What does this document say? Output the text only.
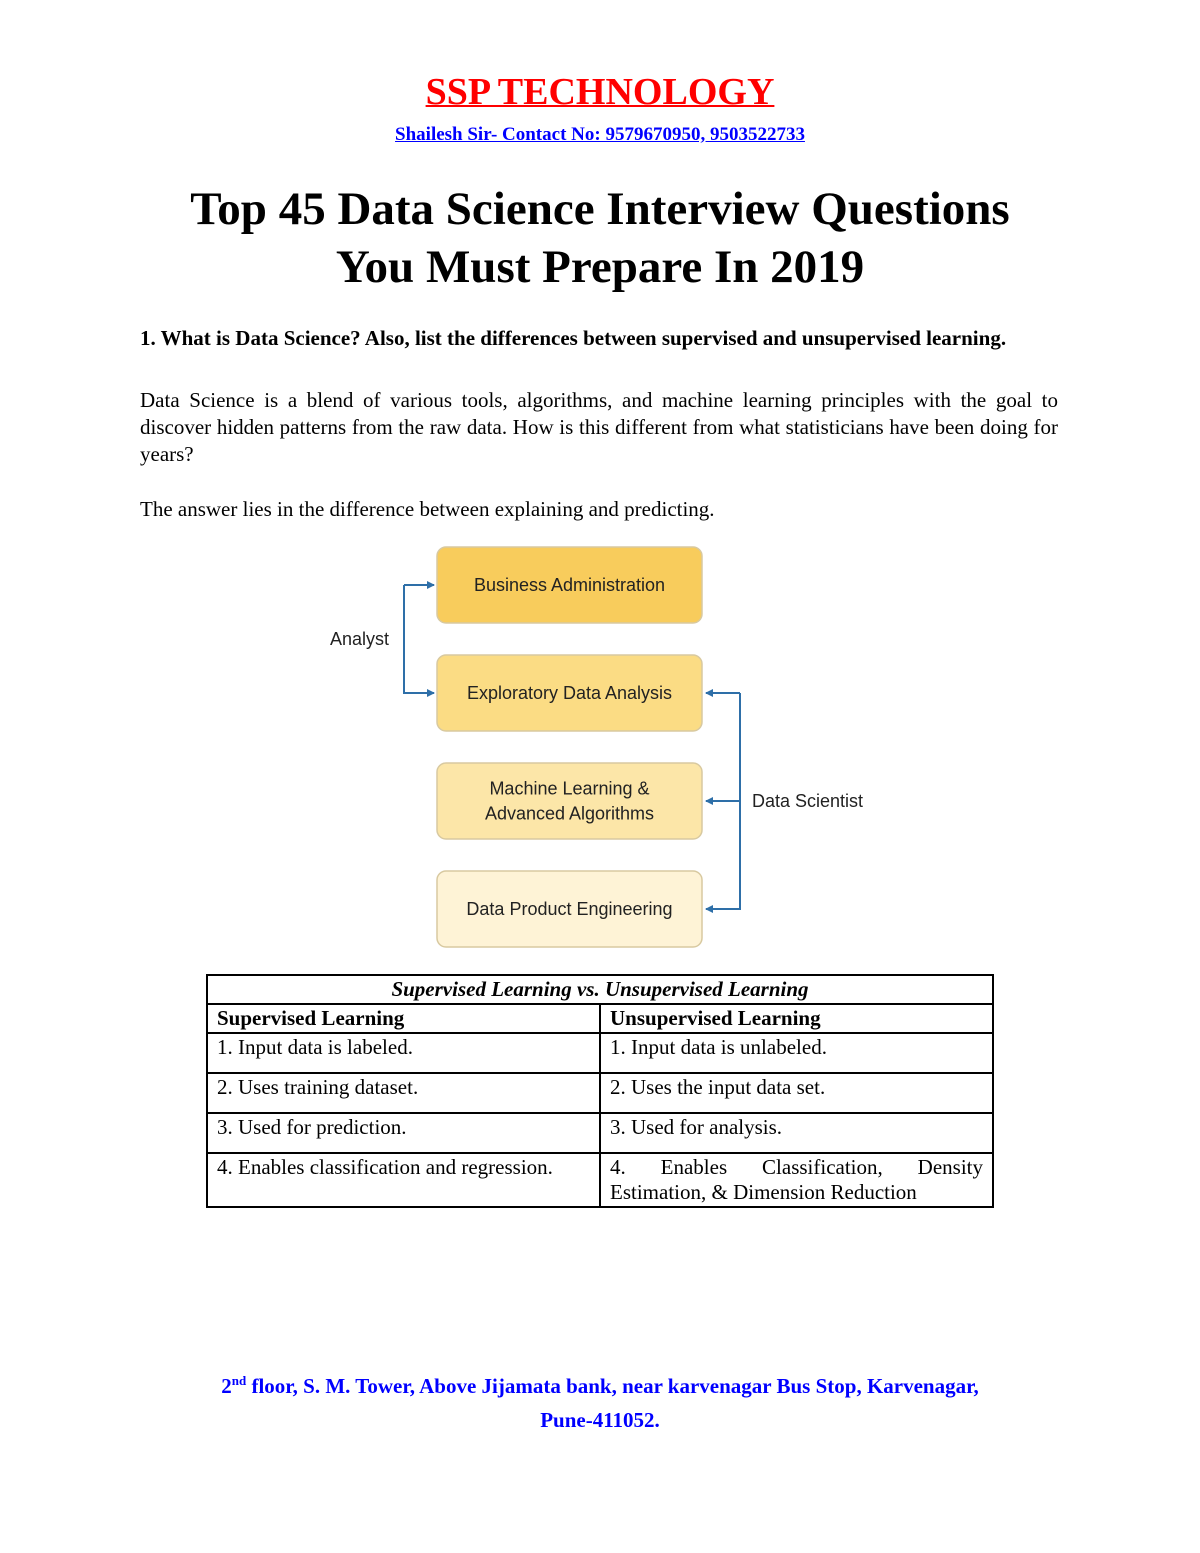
SSP TECHNOLOGY
Shailesh Sir- Contact No: 9579670950, 9503522733
Top 45 Data Science Interview Questions
You Must Prepare In 2019
1. What is Data Science? Also, list the differences between supervised and unsupervised learning.
Data Science is a blend of various tools, algorithms, and machine learning principles with the goal to discover hidden patterns from the raw data. How is this different from what statisticians have been doing for years?
The answer lies in the difference between explaining and predicting.
Business Administration
Exploratory Data Analysis
Machine Learning &
Advanced Algorithms
Data Product Engineering
Analyst
Data Scientist
Supervised Learning vs. Unsupervised Learning	
Supervised Learning	Unsupervised Learning
1. Input data is labeled.	1. Input data is unlabeled.
2. Uses training dataset.	2. Uses the input data set.
3. Used for prediction.	3. Used for analysis.
4. Enables classification and regression.	4. Enables Classification, Density Estimation, & Dimension Reduction
2nd floor, S. M. Tower, Above Jijamata bank, near karvenagar Bus Stop, Karvenagar,
Pune-411052.
